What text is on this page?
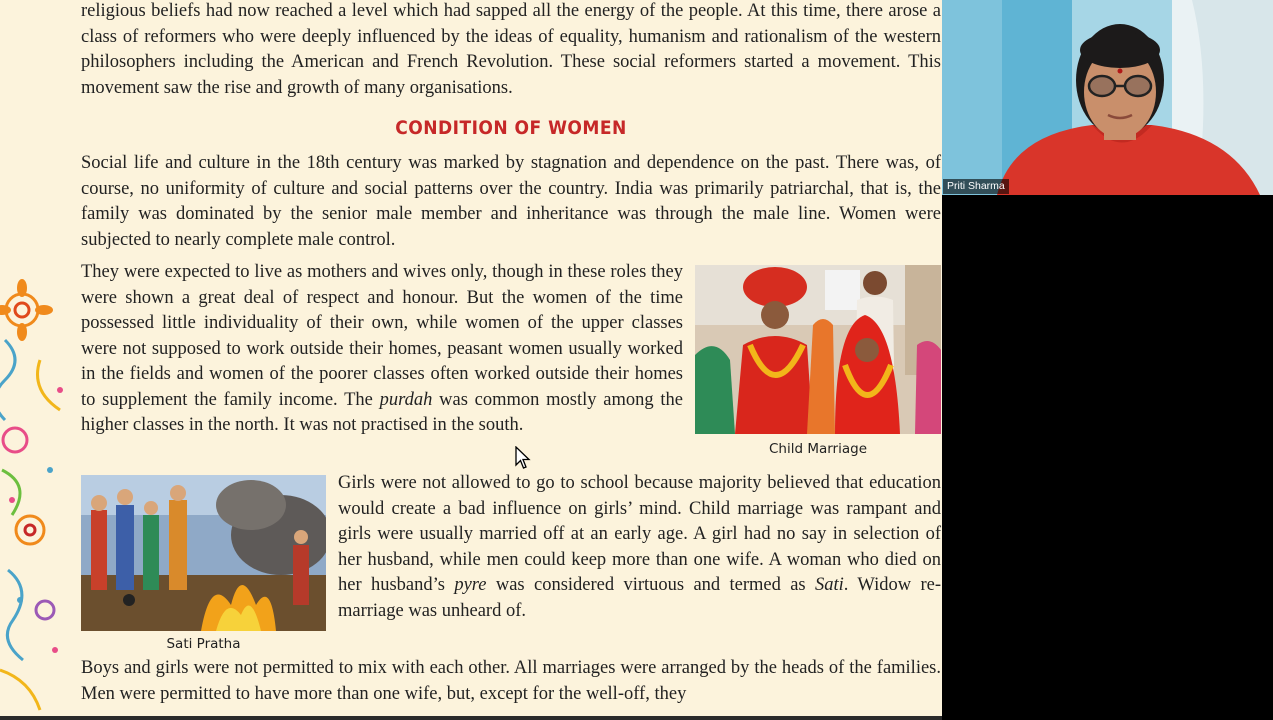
religious beliefs had now reached a level which had sapped all the energy of the people. At this time, there arose a class of reformers who were deeply influenced by the ideas of equality, humanism and rationalism of the western philosophers including the American and French Revolution. These social reformers started a movement. This movement saw the rise and growth of many organisations.

CONDITION OF WOMEN

Social life and culture in the 18th century was marked by stagnation and dependence on the past. There was, of course, no uniformity of culture and social patterns over the country. India was primarily patriarchal, that is, the family was dominated by the senior male member and inheritance was through the male line. Women were subjected to nearly complete male control.

They were expected to live as mothers and wives only, though in these roles they were shown a great deal of respect and honour. But the women of the time possessed little individuality of their own, while women of the upper classes were not supposed to work outside their homes, peasant women usually worked in the fields and women of the poorer classes often worked outside their homes to supplement the family income. The purdah was common mostly among the higher classes in the north. It was not practised in the south.

Child Marriage
Sati Pratha

Girls were not allowed to go to school because majority believed that education would create a bad influence on girls’ mind. Child marriage was rampant and girls were usually married off at an early age. A girl had no say in selection of her husband, while men could keep more than one wife. A woman who died on her husband’s pyre was considered virtuous and termed as Sati. Widow re-marriage was unheard of.

Boys and girls were not permitted to mix with each other. All marriages were arranged by the heads of the families. Men were permitted to have more than one wife, but, except for the well-off, they

Priti Sharma
